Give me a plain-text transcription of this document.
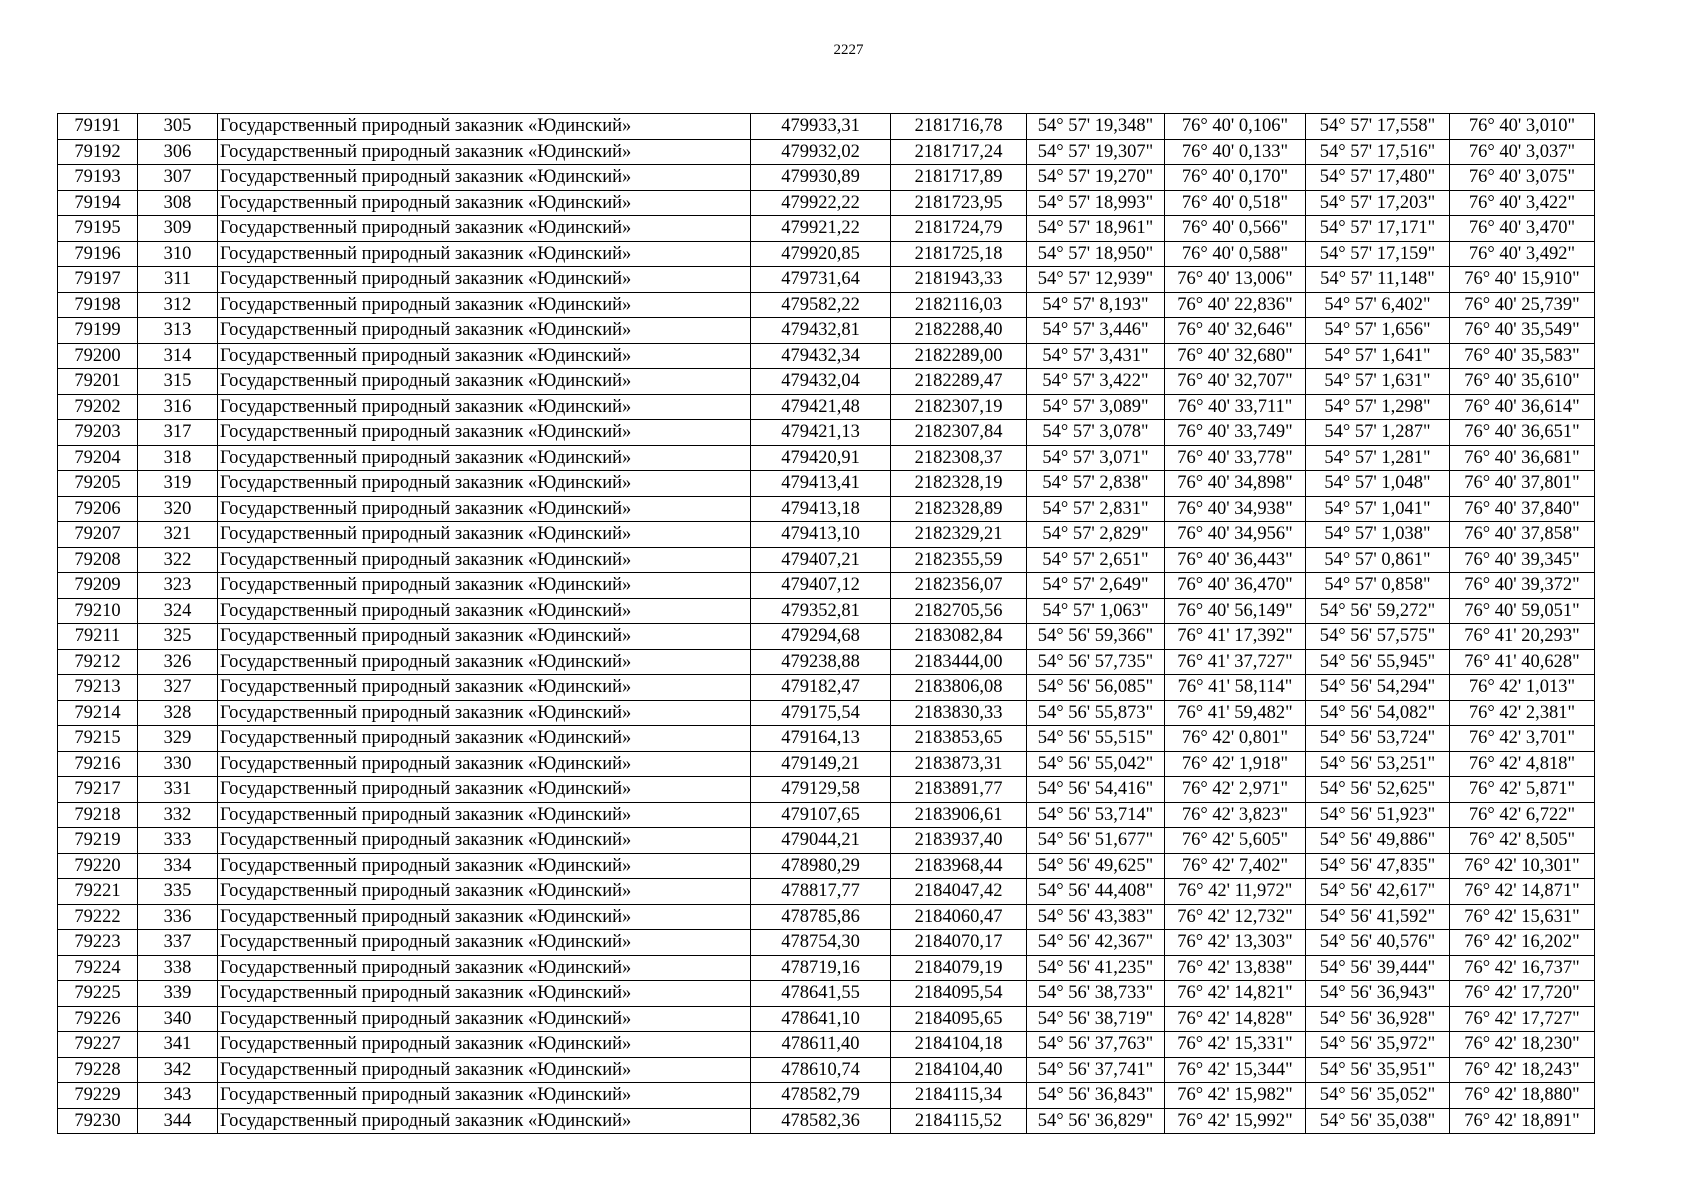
2227
79191	305	Государственный природный заказник «Юдинский»	479933,31	2181716,78	54° 57' 19,348"	76° 40' 0,106"	54° 57' 17,558"	76° 40' 3,010"
79192	306	Государственный природный заказник «Юдинский»	479932,02	2181717,24	54° 57' 19,307"	76° 40' 0,133"	54° 57' 17,516"	76° 40' 3,037"
79193	307	Государственный природный заказник «Юдинский»	479930,89	2181717,89	54° 57' 19,270"	76° 40' 0,170"	54° 57' 17,480"	76° 40' 3,075"
79194	308	Государственный природный заказник «Юдинский»	479922,22	2181723,95	54° 57' 18,993"	76° 40' 0,518"	54° 57' 17,203"	76° 40' 3,422"
79195	309	Государственный природный заказник «Юдинский»	479921,22	2181724,79	54° 57' 18,961"	76° 40' 0,566"	54° 57' 17,171"	76° 40' 3,470"
79196	310	Государственный природный заказник «Юдинский»	479920,85	2181725,18	54° 57' 18,950"	76° 40' 0,588"	54° 57' 17,159"	76° 40' 3,492"
79197	311	Государственный природный заказник «Юдинский»	479731,64	2181943,33	54° 57' 12,939"	76° 40' 13,006"	54° 57' 11,148"	76° 40' 15,910"
79198	312	Государственный природный заказник «Юдинский»	479582,22	2182116,03	54° 57' 8,193"	76° 40' 22,836"	54° 57' 6,402"	76° 40' 25,739"
79199	313	Государственный природный заказник «Юдинский»	479432,81	2182288,40	54° 57' 3,446"	76° 40' 32,646"	54° 57' 1,656"	76° 40' 35,549"
79200	314	Государственный природный заказник «Юдинский»	479432,34	2182289,00	54° 57' 3,431"	76° 40' 32,680"	54° 57' 1,641"	76° 40' 35,583"
79201	315	Государственный природный заказник «Юдинский»	479432,04	2182289,47	54° 57' 3,422"	76° 40' 32,707"	54° 57' 1,631"	76° 40' 35,610"
79202	316	Государственный природный заказник «Юдинский»	479421,48	2182307,19	54° 57' 3,089"	76° 40' 33,711"	54° 57' 1,298"	76° 40' 36,614"
79203	317	Государственный природный заказник «Юдинский»	479421,13	2182307,84	54° 57' 3,078"	76° 40' 33,749"	54° 57' 1,287"	76° 40' 36,651"
79204	318	Государственный природный заказник «Юдинский»	479420,91	2182308,37	54° 57' 3,071"	76° 40' 33,778"	54° 57' 1,281"	76° 40' 36,681"
79205	319	Государственный природный заказник «Юдинский»	479413,41	2182328,19	54° 57' 2,838"	76° 40' 34,898"	54° 57' 1,048"	76° 40' 37,801"
79206	320	Государственный природный заказник «Юдинский»	479413,18	2182328,89	54° 57' 2,831"	76° 40' 34,938"	54° 57' 1,041"	76° 40' 37,840"
79207	321	Государственный природный заказник «Юдинский»	479413,10	2182329,21	54° 57' 2,829"	76° 40' 34,956"	54° 57' 1,038"	76° 40' 37,858"
79208	322	Государственный природный заказник «Юдинский»	479407,21	2182355,59	54° 57' 2,651"	76° 40' 36,443"	54° 57' 0,861"	76° 40' 39,345"
79209	323	Государственный природный заказник «Юдинский»	479407,12	2182356,07	54° 57' 2,649"	76° 40' 36,470"	54° 57' 0,858"	76° 40' 39,372"
79210	324	Государственный природный заказник «Юдинский»	479352,81	2182705,56	54° 57' 1,063"	76° 40' 56,149"	54° 56' 59,272"	76° 40' 59,051"
79211	325	Государственный природный заказник «Юдинский»	479294,68	2183082,84	54° 56' 59,366"	76° 41' 17,392"	54° 56' 57,575"	76° 41' 20,293"
79212	326	Государственный природный заказник «Юдинский»	479238,88	2183444,00	54° 56' 57,735"	76° 41' 37,727"	54° 56' 55,945"	76° 41' 40,628"
79213	327	Государственный природный заказник «Юдинский»	479182,47	2183806,08	54° 56' 56,085"	76° 41' 58,114"	54° 56' 54,294"	76° 42' 1,013"
79214	328	Государственный природный заказник «Юдинский»	479175,54	2183830,33	54° 56' 55,873"	76° 41' 59,482"	54° 56' 54,082"	76° 42' 2,381"
79215	329	Государственный природный заказник «Юдинский»	479164,13	2183853,65	54° 56' 55,515"	76° 42' 0,801"	54° 56' 53,724"	76° 42' 3,701"
79216	330	Государственный природный заказник «Юдинский»	479149,21	2183873,31	54° 56' 55,042"	76° 42' 1,918"	54° 56' 53,251"	76° 42' 4,818"
79217	331	Государственный природный заказник «Юдинский»	479129,58	2183891,77	54° 56' 54,416"	76° 42' 2,971"	54° 56' 52,625"	76° 42' 5,871"
79218	332	Государственный природный заказник «Юдинский»	479107,65	2183906,61	54° 56' 53,714"	76° 42' 3,823"	54° 56' 51,923"	76° 42' 6,722"
79219	333	Государственный природный заказник «Юдинский»	479044,21	2183937,40	54° 56' 51,677"	76° 42' 5,605"	54° 56' 49,886"	76° 42' 8,505"
79220	334	Государственный природный заказник «Юдинский»	478980,29	2183968,44	54° 56' 49,625"	76° 42' 7,402"	54° 56' 47,835"	76° 42' 10,301"
79221	335	Государственный природный заказник «Юдинский»	478817,77	2184047,42	54° 56' 44,408"	76° 42' 11,972"	54° 56' 42,617"	76° 42' 14,871"
79222	336	Государственный природный заказник «Юдинский»	478785,86	2184060,47	54° 56' 43,383"	76° 42' 12,732"	54° 56' 41,592"	76° 42' 15,631"
79223	337	Государственный природный заказник «Юдинский»	478754,30	2184070,17	54° 56' 42,367"	76° 42' 13,303"	54° 56' 40,576"	76° 42' 16,202"
79224	338	Государственный природный заказник «Юдинский»	478719,16	2184079,19	54° 56' 41,235"	76° 42' 13,838"	54° 56' 39,444"	76° 42' 16,737"
79225	339	Государственный природный заказник «Юдинский»	478641,55	2184095,54	54° 56' 38,733"	76° 42' 14,821"	54° 56' 36,943"	76° 42' 17,720"
79226	340	Государственный природный заказник «Юдинский»	478641,10	2184095,65	54° 56' 38,719"	76° 42' 14,828"	54° 56' 36,928"	76° 42' 17,727"
79227	341	Государственный природный заказник «Юдинский»	478611,40	2184104,18	54° 56' 37,763"	76° 42' 15,331"	54° 56' 35,972"	76° 42' 18,230"
79228	342	Государственный природный заказник «Юдинский»	478610,74	2184104,40	54° 56' 37,741"	76° 42' 15,344"	54° 56' 35,951"	76° 42' 18,243"
79229	343	Государственный природный заказник «Юдинский»	478582,79	2184115,34	54° 56' 36,843"	76° 42' 15,982"	54° 56' 35,052"	76° 42' 18,880"
79230	344	Государственный природный заказник «Юдинский»	478582,36	2184115,52	54° 56' 36,829"	76° 42' 15,992"	54° 56' 35,038"	76° 42' 18,891"
